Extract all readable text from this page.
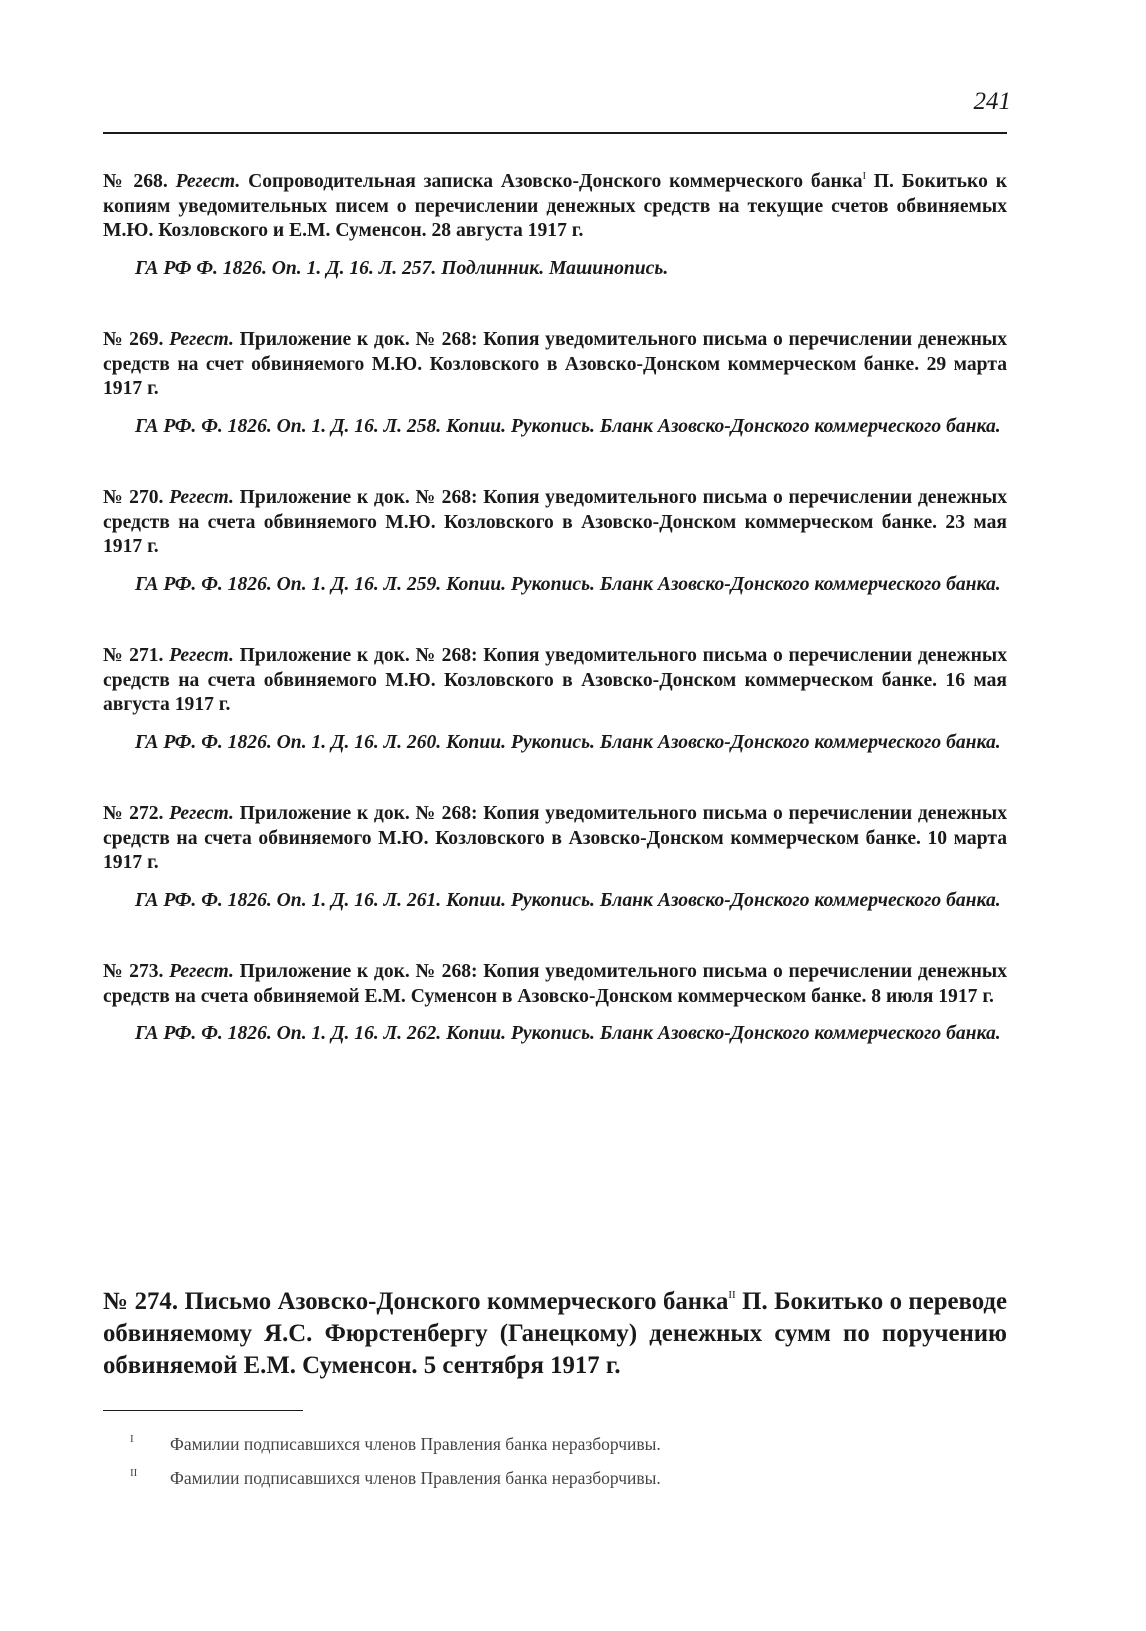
241

№ 268. Регест. Сопроводительная записка Азовско-Донского коммерческого банка$^I$ П. Бокитько к копиям уведомительных писем о перечислении денежных средств на текущие счетов обвиняемых М.Ю. Козловского и Е.М. Суменсон. 28 августа 1917 г.

ГА РФ Ф. 1826. Оп. 1. Д. 16. Л. 257. Подлинник. Машинопись.

№ 269. Регест. Приложение к док. № 268: Копия уведомительного письма о перечислении денежных средств на счет обвиняемого М.Ю. Козловского в Азовско-Донском коммерческом банке. 29 марта 1917 г.

ГА РФ. Ф. 1826. Оп. 1. Д. 16. Л. 258. Копии. Рукопись. Бланк Азовско-Донского коммерческого банка.

№ 270. Регест. Приложение к док. № 268: Копия уведомительного письма о перечислении денежных средств на счета обвиняемого М.Ю. Козловского в Азовско-Донском коммерческом банке. 23 мая 1917 г.

ГА РФ. Ф. 1826. Оп. 1. Д. 16. Л. 259. Копии. Рукопись. Бланк Азовско-Донского коммерческого банка.

№ 271. Регест. Приложение к док. № 268: Копия уведомительного письма о перечислении денежных средств на счета обвиняемого М.Ю. Козловского в Азовско-Донском коммерческом банке. 16 мая августа 1917 г.

ГА РФ. Ф. 1826. Оп. 1. Д. 16. Л. 260. Копии. Рукопись. Бланк Азовско-Донского коммерческого банка.

№ 272. Регест. Приложение к док. № 268: Копия уведомительного письма о перечислении денежных средств на счета обвиняемого М.Ю. Козловского в Азовско-Донском коммерческом банке. 10 марта 1917 г.

ГА РФ. Ф. 1826. Оп. 1. Д. 16. Л. 261. Копии. Рукопись. Бланк Азовско-Донского коммерческого банка.

№ 273. Регест. Приложение к док. № 268: Копия уведомительного письма о перечислении денежных средств на счета обвиняемой Е.М. Суменсон в Азовско-Донском коммерческом банке. 8 июля 1917 г.

ГА РФ. Ф. 1826. Оп. 1. Д. 16. Л. 262. Копии. Рукопись. Бланк Азовско-Донского коммерческого банка.

№ 274. Письмо Азовско-Донского коммерческого банка$^{II}$ П. Бокитько о переводе обвиняемому Я.С. Фюрстенбергу (Ганецкому) денежных сумм по поручению обвиняемой Е.М. Суменсон. 5 сентября 1917 г.
I Фамилии подписавшихся членов Правления банка неразборчивы.
II Фамилии подписавшихся членов Правления банка неразборчивы.
